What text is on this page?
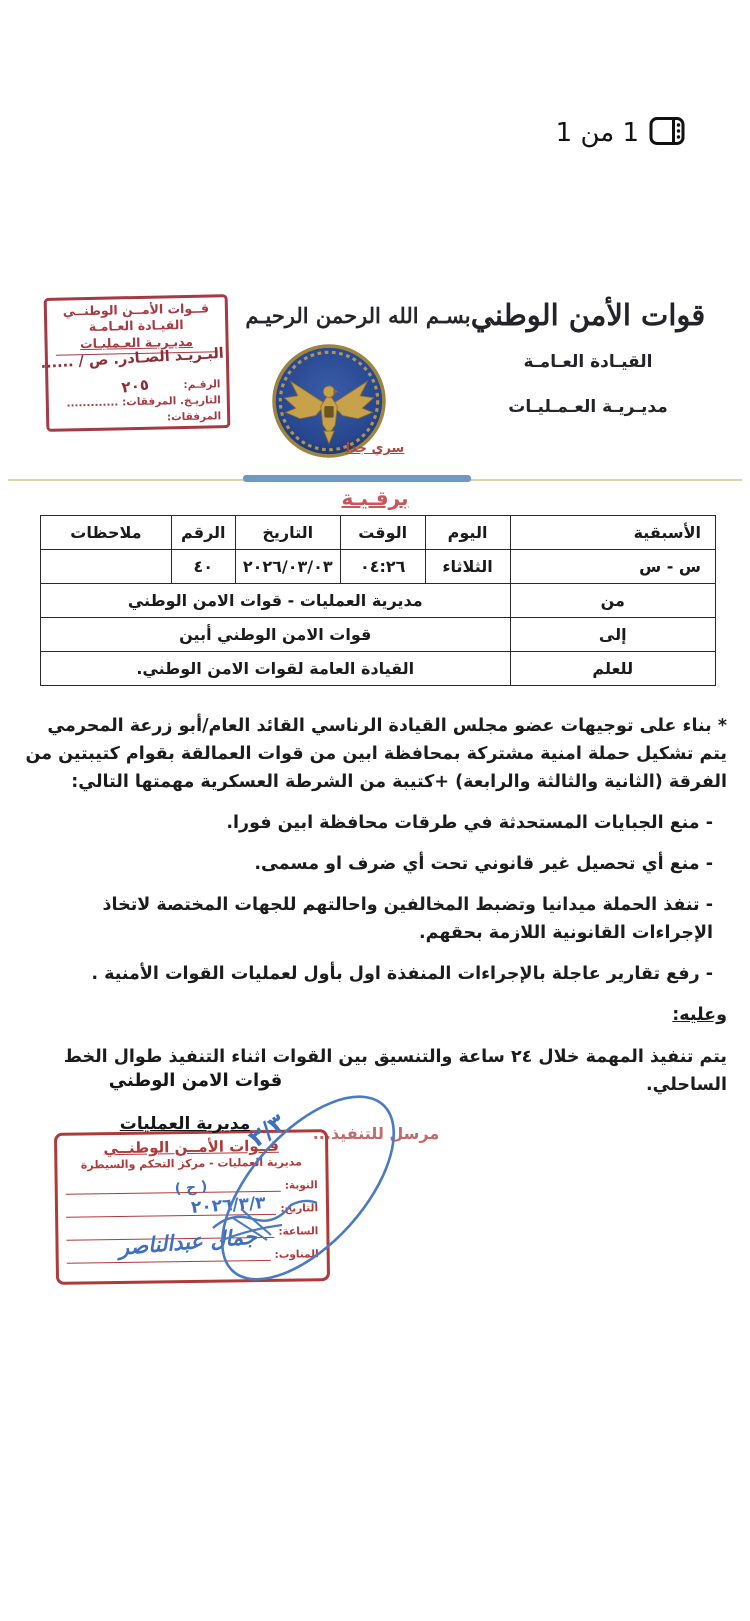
1 من 1
قــوات الأمــن الوطنــي
القيـادة العـامـة
مديـريـة العـمليـات
الرقـم:
التاريـخ. المرفقات: .............
المرفقات:
البـريـد الصـادر. ص / ......
٢٠٥
بسـم الله الرحمن الرحيـم
سري جدا
قوات الأمن الوطني
القيـادة العـامـة
مديـريـة العـمـليـات
برقـيـة
الأسبقية	اليوم	الوقت	التاريخ	الرقم	ملاحظات
س - س	الثلاثاء	٠٤:٢٦	٢٠٢٦/٠٣/٠٣	٤٠	
من	مديرية العمليات - قوات الامن الوطني				
إلى	قوات الامن الوطني أبين				
للعلم	القيادة العامة لقوات الامن الوطني.				

* بناء على توجيهات عضو مجلس القيادة الرناسي القائد العام/أبو زرعة المحرمي يتم تشكيل حملة امنية مشتركة بمحافظة ابين من قوات العمالقة بقوام كتيبتين من الفرقة (الثانية والثالثة والرابعة) +كتيبة من الشرطة العسكرية مهمتها التالي:

- منع الجبايات المستحدثة في طرقات محافظة ابين فورا.

- منع أي تحصيل غير قانوني تحت أي ضرف او مسمى.

- تنفذ الحملة ميدانيا وتضبط المخالفين واحالتهم للجهات المختصة لاتخاذ الإجراءات القانونية اللازمة بحقهم.

- رفع تقارير عاجلة بالإجراءات المنفذة اول بأول لعمليات القوات الأمنية .

وعليه:

يتم تنفيذ المهمة خلال ٢٤ ساعة والتنسيق بين القوات اثناء التنفيذ طوال الخط الساحلي.

مرسل للتنفيذ...

قوات الامن الوطني
مديرية العمليات
قــوات الأمــن الوطنــي
مديرية العمليات - مركز التحكم والسيطرة
النوبة:
التاريخ:
الساعة:
المناوب:
( ح )
٢٠٢٦/٣/٣
جمال عبدالناصر
٣/٣
